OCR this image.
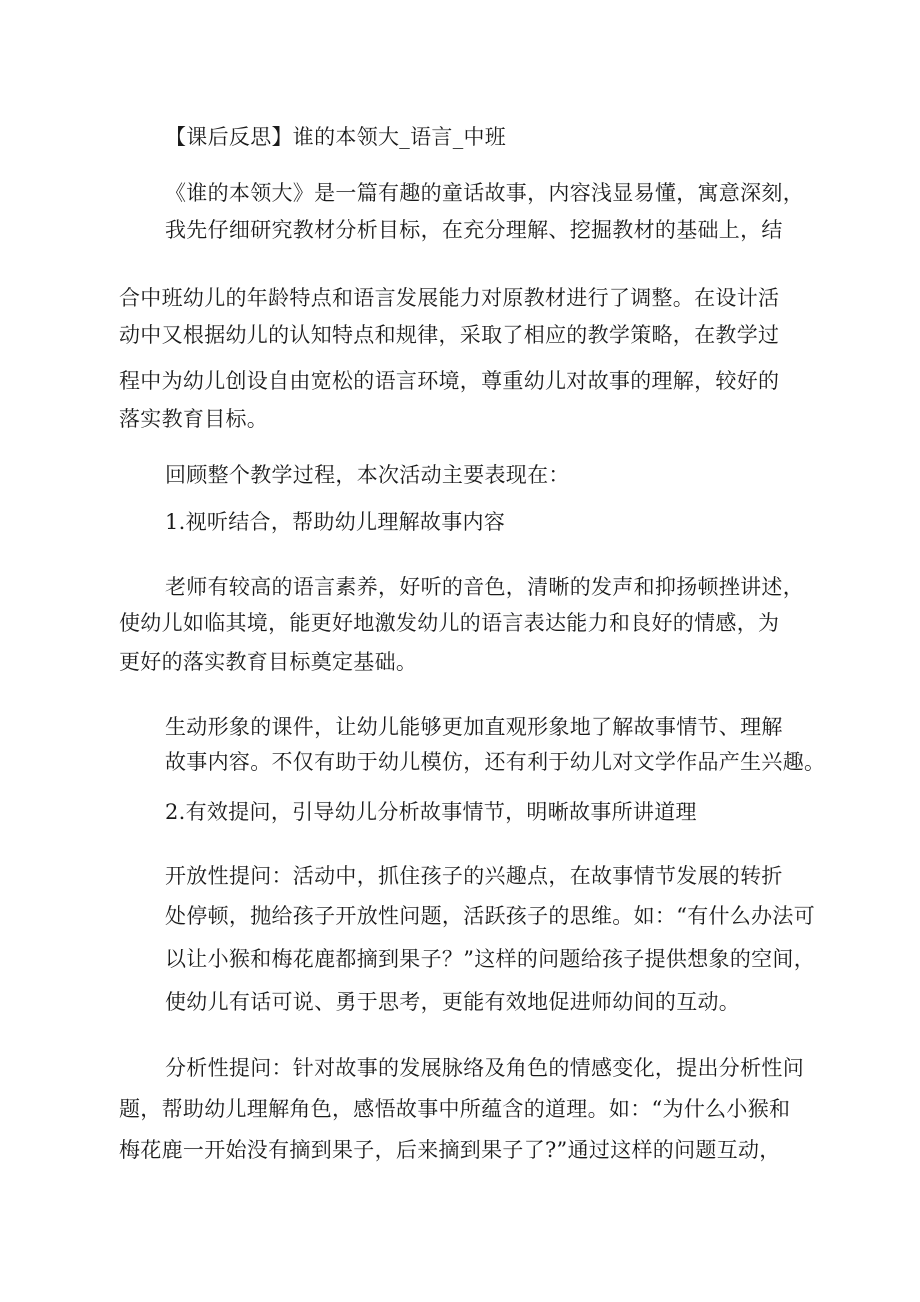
【课后反思】谁的本领大_语言_中班
《谁的本领大》是一篇有趣的童话故事，内容浅显易懂，寓意深刻，
我先仔细研究教材分析目标，在充分理解、挖掘教材的基础上，结
合中班幼儿的年龄特点和语言发展能力对原教材进行了调整。在设计活
动中又根据幼儿的认知特点和规律，采取了相应的教学策略，在教学过
程中为幼儿创设自由宽松的语言环境，尊重幼儿对故事的理解，较好的
落实教育目标。
回顾整个教学过程，本次活动主要表现在：
1.视听结合，帮助幼儿理解故事内容
老师有较高的语言素养，好听的音色，清晰的发声和抑扬顿挫讲述，
使幼儿如临其境，能更好地激发幼儿的语言表达能力和良好的情感，为
更好的落实教育目标奠定基础。
生动形象的课件，让幼儿能够更加直观形象地了解故事情节、理解
故事内容。不仅有助于幼儿模仿，还有利于幼儿对文学作品产生兴趣。
2.有效提问，引导幼儿分析故事情节，明晰故事所讲道理
开放性提问：活动中，抓住孩子的兴趣点，在故事情节发展的转折
处停顿，抛给孩子开放性问题，活跃孩子的思维。如：“有什么办法可
以让小猴和梅花鹿都摘到果子？”这样的问题给孩子提供想象的空间，
使幼儿有话可说、勇于思考，更能有效地促进师幼间的互动。
分析性提问：针对故事的发展脉络及角色的情感变化，提出分析性问
题，帮助幼儿理解角色，感悟故事中所蕴含的道理。如：“为什么小猴和
梅花鹿一开始没有摘到果子，后来摘到果子了?”通过这样的问题互动，
